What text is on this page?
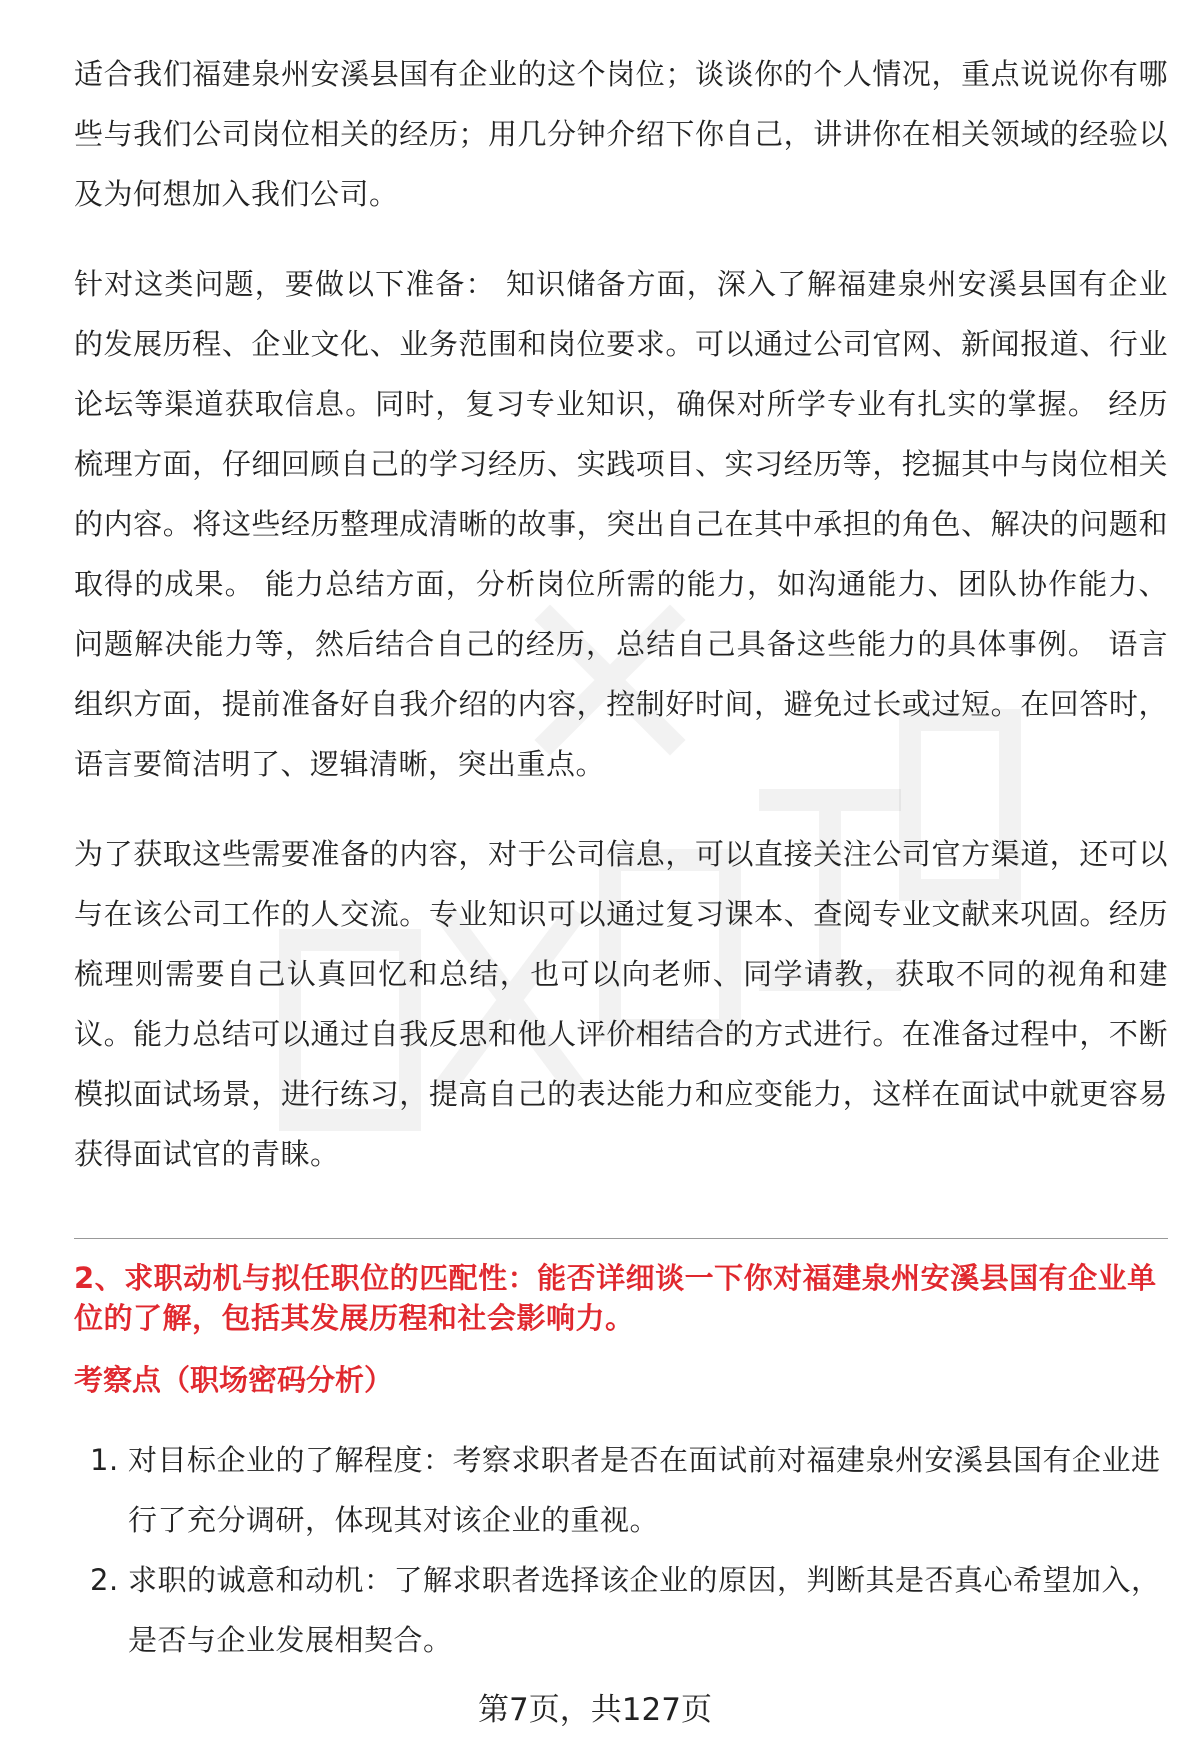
适合我们福建泉州安溪县国有企业的这个岗位；谈谈你的个人情况，重点说说你有哪些与我们公司岗位相关的经历；用几分钟介绍下你自己，讲讲你在相关领域的经验以及为何想加入我们公司。

针对这类问题，要做以下准备： 知识储备方面，深入了解福建泉州安溪县国有企业的发展历程、企业文化、业务范围和岗位要求。可以通过公司官网、新闻报道、行业论坛等渠道获取信息。同时，复习专业知识，确保对所学专业有扎实的掌握。 经历梳理方面，仔细回顾自己的学习经历、实践项目、实习经历等，挖掘其中与岗位相关的内容。将这些经历整理成清晰的故事，突出自己在其中承担的角色、解决的问题和取得的成果。 能力总结方面，分析岗位所需的能力，如沟通能力、团队协作能力、问题解决能力等，然后结合自己的经历，总结自己具备这些能力的具体事例。 语言组织方面，提前准备好自我介绍的内容，控制好时间，避免过长或过短。在回答时，语言要简洁明了、逻辑清晰，突出重点。

为了获取这些需要准备的内容，对于公司信息，可以直接关注公司官方渠道，还可以与在该公司工作的人交流。专业知识可以通过复习课本、查阅专业文献来巩固。经历梳理则需要自己认真回忆和总结，也可以向老师、同学请教，获取不同的视角和建议。能力总结可以通过自我反思和他人评价相结合的方式进行。在准备过程中，不断模拟面试场景，进行练习，提高自己的表达能力和应变能力，这样在面试中就更容易获得面试官的青睐。

2、求职动机与拟任职位的匹配性：能否详细谈一下你对福建泉州安溪县国有企业单位的了解，包括其发展历程和社会影响力。
考察点（职场密码分析）
1. 对目标企业的了解程度：考察求职者是否在面试前对福建泉州安溪县国有企业进行了充分调研，体现其对该企业的重视。
2. 求职的诚意和动机：了解求职者选择该企业的原因，判断其是否真心希望加入，是否与企业发展相契合。
第7页，共127页
